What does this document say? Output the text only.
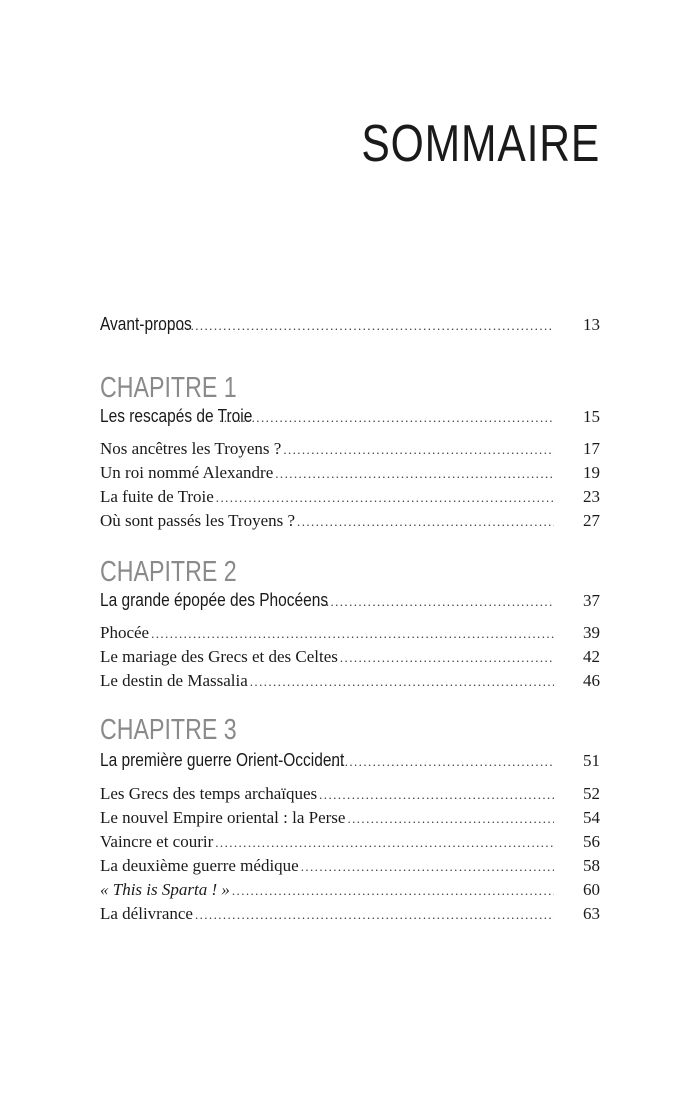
SOMMAIRE
Avant-propos .....	13
CHAPITRE 1
Les rescapés de Troie .....	15
Nos ancêtres les Troyens ? .....	17
Un roi nommé Alexandre .....	19
La fuite de Troie .....	23
Où sont passés les Troyens ? .....	27
CHAPITRE 2
La grande épopée des Phocéens .....	37
Phocée .....	39
Le mariage des Grecs et des Celtes .....	42
Le destin de Massalia .....	46
CHAPITRE 3
La première guerre Orient-Occident .....	51
Les Grecs des temps archaïques .....	52
Le nouvel Empire oriental : la Perse .....	54
Vaincre et courir .....	56
La deuxième guerre médique .....	58
« This is Sparta ! » .....	60
La délivrance .....	63
